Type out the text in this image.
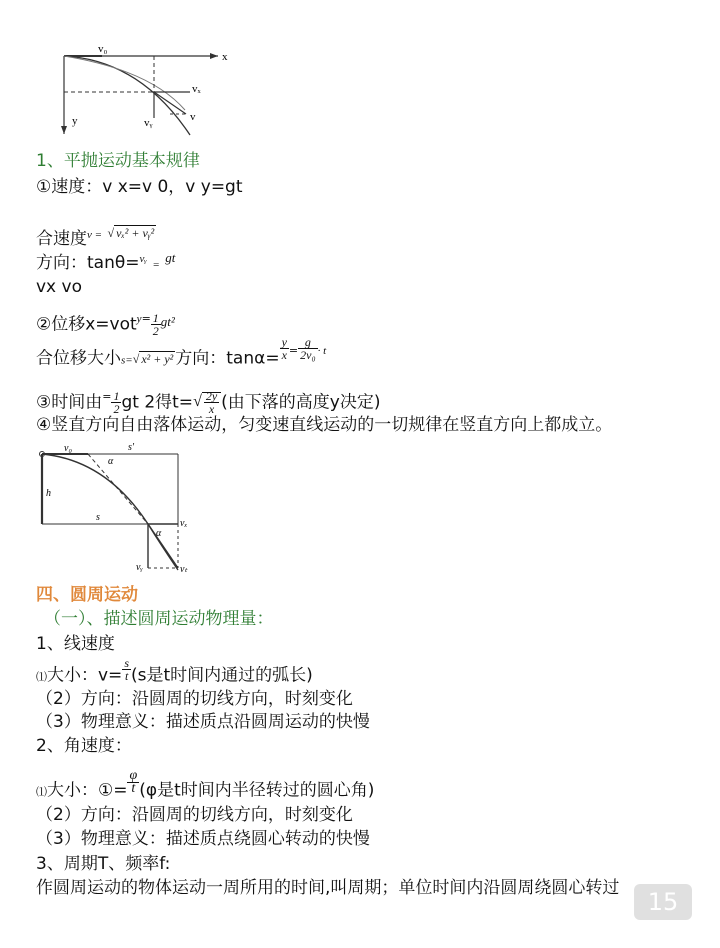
x
y
v₀
vₓ
vᵧ	v
1、平抛运动基本规律
①速度：v x=v 0，v y=gt
合速度$^{v =}$ √ vₓ² + vᵧ²
方向：tanθ=$^{vᵧ}$ = $^{gt}$
vx vo
②位移$x=vot^{y=} \frac{1}{2} ^{gt^2}$
合位移大小s=√ x² + y² 方向：$\tan\alpha= \frac{y}{x} ^= \frac{g}{\text{2v₀}} ^{\cdot t}$
③时间由$^= \frac{1}{2}$ gt 2得$t=√ \frac{2y}{x}$ (由下落的高度y决定)
④竖直方向自由落体运动，匀变速直线运动的一切规律在竖直方向上都成立。
v₀	s′
α
h
s
α
vₓ
vᵧ	vₜ
四、圆周运动
（一）、描述圆周运动物理量：
1、线速度
⑴大小：$v= \frac{s}{t} (s$是t时间内通过的弧长)
（2）方向：沿圆周的切线方向，时刻变化
（3）物理意义：描述质点沿圆周运动的快慢
2、角速度：
⑴大小：①= $\frac{\varphi}{t} (\varphi$是t时间内半径转过的圆心角)
（2）方向：沿圆周的切线方向，时刻变化
（3）物理意义：描述质点绕圆心转动的快慢
3、周期T、频率f:
作圆周运动的物体运动一周所用的时间,叫周期；单位时间内沿圆周绕圆心转过	15
